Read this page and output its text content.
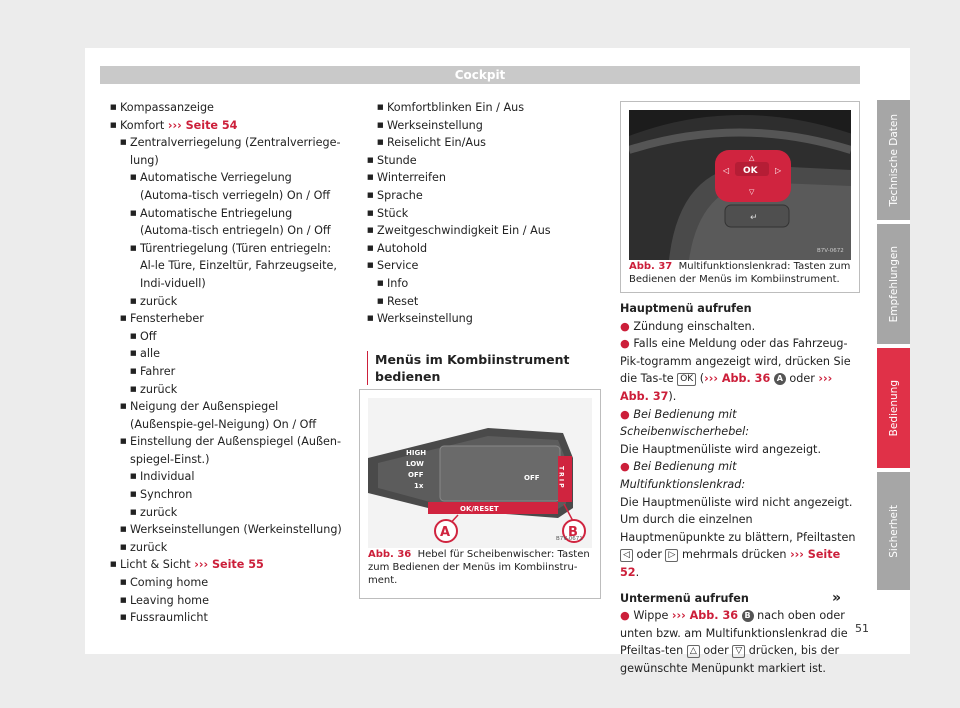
Cockpit
■ Kompassanzeige
■ Komfort ››› Seite 54
■ Zentralverriegelung (Zentralverriege-lung)
■ Automatische Verriegelung (Automa-tisch verriegeln) On / Off
■ Automatische Entriegelung (Automa-tisch entriegeln) On / Off
■ Türentriegelung (Türen entriegeln: Al-le Türe, Einzeltür, Fahrzeugseite, Indi-viduell)
■ zurück
■ Fensterheber
■ Off
■ alle
■ Fahrer
■ zurück
■ Neigung der Außenspiegel (Außenspie-gel-Neigung) On / Off
■ Einstellung der Außenspiegel (Außen-spiegel-Einst.)
■ Individual
■ Synchron
■ zurück
■ Werkseinstellungen (Werkeinstellung)
■ zurück
■ Licht & Sicht ››› Seite 55
■ Coming home
■ Leaving home
■ Fussraumlicht
■ Komfortblinken Ein / Aus
■ Werkseinstellung
■ Reiselicht Ein/Aus
■ Stunde
■ Winterreifen
■ Sprache
■ Stück
■ Zweitgeschwindigkeit Ein / Aus
■ Autohold
■ Service
■ Info
■ Reset
■ Werkseinstellung
Menüs im Kombiinstrument bedienen
HIGH
LOW
OFF
1x
OFF	T R I P
OK/RESET
A	B
B7V-0671
Abb. 36 Hebel für Scheibenwischer: Tasten zum Bedienen der Menüs im Kombiinstru-ment.
OK
◁	▷
△
▽
↵
B7V-0672
Abb. 37 Multifunktionslenkrad: Tasten zum Bedienen der Menüs im Kombiinstrument.
Hauptmenü aufrufen
● Zündung einschalten.
● Falls eine Meldung oder das Fahrzeug-Pik-togramm angezeigt wird, drücken Sie die Tas-te OK (››› Abb. 36 A oder ››› Abb. 37).
● Bei Bedienung mit Scheibenwischerhebel:
Die Hauptmenüliste wird angezeigt.
● Bei Bedienung mit Multifunktionslenkrad:
Die Hauptmenüliste wird nicht angezeigt. Um durch die einzelnen Hauptmenüpunkte zu blättern, Pfeiltasten ◁ oder ▷ mehrmals drücken ››› Seite 52.
Untermenü aufrufen
● Wippe ››› Abb. 36 B nach oben oder unten bzw. am Multifunktionslenkrad die Pfeiltas-ten △ oder ▽ drücken, bis der gewünschte Menüpunkt markiert ist.
»
Technische Daten
Empfehlungen
Bedienung
Sicherheit
51
